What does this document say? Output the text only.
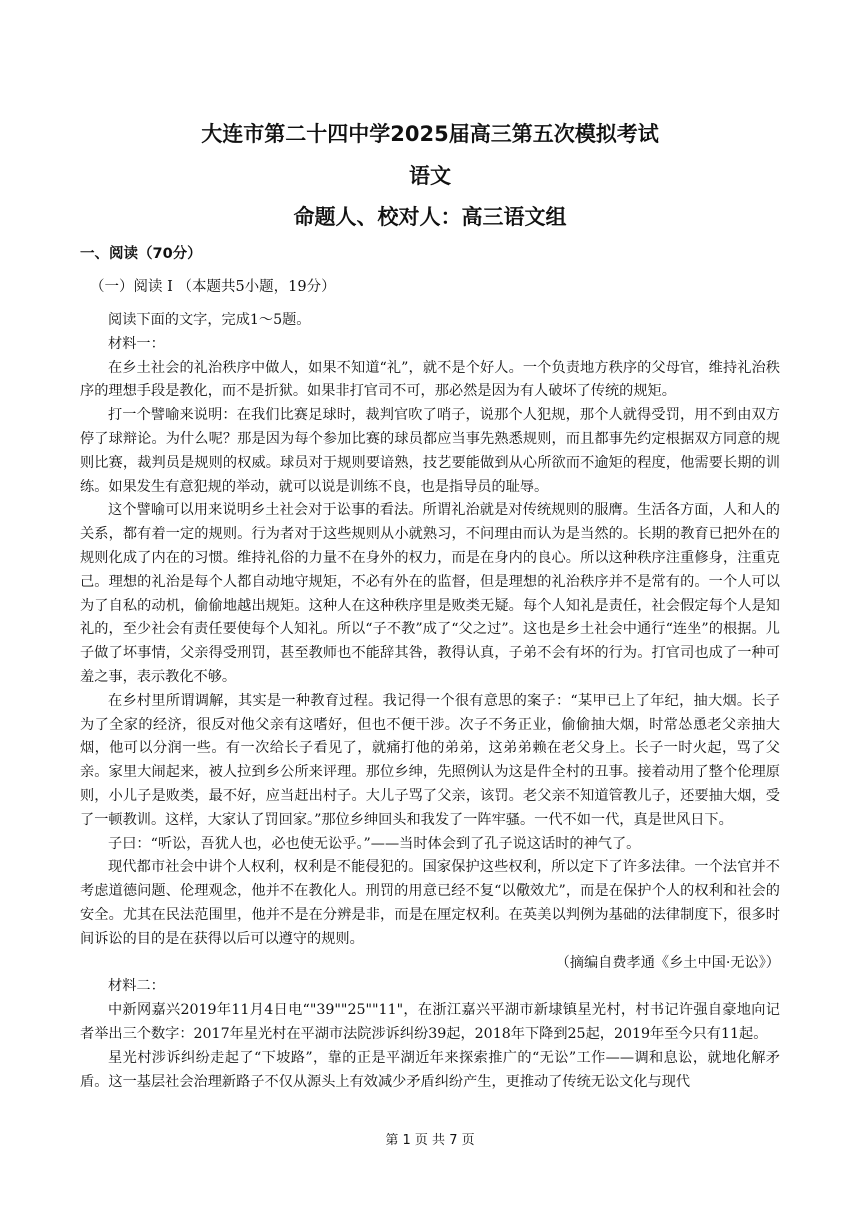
大连市第二十四中学2025届高三第五次模拟考试
语文
命题人、校对人：高三语文组
一、阅读（70分）
（一）阅读 I （本题共5小题，19分）

阅读下面的文字，完成1～5题。

材料一：

在乡土社会的礼治秩序中做人，如果不知道“礼”，就不是个好人。一个负责地方秩序的父母官，维持礼治秩序的理想手段是教化，而不是折狱。如果非打官司不可，那必然是因为有人破坏了传统的规矩。

打一个譬喻来说明：在我们比赛足球时，裁判官吹了哨子，说那个人犯规，那个人就得受罚，用不到由双方停了球辩论。为什么呢？那是因为每个参加比赛的球员都应当事先熟悉规则，而且都事先约定根据双方同意的规则比赛，裁判员是规则的权威。球员对于规则要谙熟，技艺要能做到从心所欲而不逾矩的程度，他需要长期的训练。如果发生有意犯规的举动，就可以说是训练不良，也是指导员的耻辱。

这个譬喻可以用来说明乡土社会对于讼事的看法。所谓礼治就是对传统规则的服膺。生活各方面，人和人的关系，都有着一定的规则。行为者对于这些规则从小就熟习，不问理由而认为是当然的。长期的教育已把外在的规则化成了内在的习惯。维持礼俗的力量不在身外的权力，而是在身内的良心。所以这种秩序注重修身，注重克己。理想的礼治是每个人都自动地守规矩，不必有外在的监督，但是理想的礼治秩序并不是常有的。一个人可以为了自私的动机，偷偷地越出规矩。这种人在这种秩序里是败类无疑。每个人知礼是责任，社会假定每个人是知礼的，至少社会有责任要使每个人知礼。所以“子不教”成了“父之过”。这也是乡土社会中通行“连坐”的根据。儿子做了坏事情，父亲得受刑罚，甚至教师也不能辞其咎，教得认真，子弟不会有坏的行为。打官司也成了一种可羞之事，表示教化不够。

在乡村里所谓调解，其实是一种教育过程。我记得一个很有意思的案子：“某甲已上了年纪，抽大烟。长子为了全家的经济，很反对他父亲有这嗜好，但也不便干涉。次子不务正业，偷偷抽大烟，时常怂恿老父亲抽大烟，他可以分润一些。有一次给长子看见了，就痛打他的弟弟，这弟弟赖在老父身上。长子一时火起，骂了父亲。家里大闹起来，被人拉到乡公所来评理。那位乡绅，先照例认为这是件全村的丑事。接着动用了整个伦理原则，小儿子是败类，最不好，应当赶出村子。大儿子骂了父亲，该罚。老父亲不知道管教儿子，还要抽大烟，受了一顿教训。这样，大家认了罚回家。”那位乡绅回头和我发了一阵牢骚。一代不如一代，真是世风日下。

子曰：“听讼，吾犹人也，必也使无讼乎。”——当时体会到了孔子说这话时的神气了。

现代都市社会中讲个人权利，权利是不能侵犯的。国家保护这些权利，所以定下了许多法律。一个法官并不考虑道德问题、伦理观念，他并不在教化人。刑罚的用意已经不复“以儆效尤”，而是在保护个人的权利和社会的安全。尤其在民法范围里，他并不是在分辨是非，而是在厘定权利。在英美以判例为基础的法律制度下，很多时间诉讼的目的是在获得以后可以遵守的规则。

（摘编自费孝通《乡土中国·无讼》）

材料二：

中新网嘉兴2019年11月4日电“"39""25""11"，在浙江嘉兴平湖市新埭镇星光村，村书记许强自豪地向记者举出三个数字：2017年星光村在平湖市法院涉诉纠纷39起，2018年下降到25起，2019年至今只有11起。

星光村涉诉纠纷走起了“下坡路”，靠的正是平湖近年来探索推广的“无讼”工作——调和息讼，就地化解矛盾。这一基层社会治理新路子不仅从源头上有效减少矛盾纠纷产生，更推动了传统无讼文化与现代

第 1 页 共 7 页
